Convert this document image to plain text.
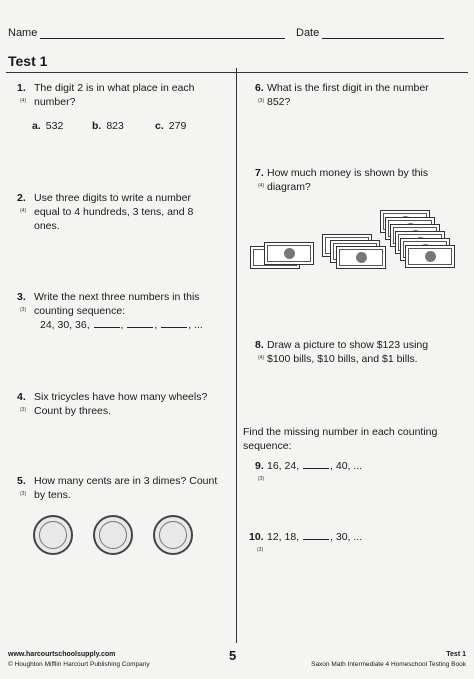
Name	Date
Test 1
1.
(4)
The digit 2 is in what place in each
number?
a. 532	b. 823	c. 279
2.
(4)
Use three digits to write a number
equal to 4 hundreds, 3 tens, and 8
ones.
3.
(3)
Write the next three numbers in this
counting sequence:
24, 30, 36,	,	,	, ...
4.
(3)
Six tricycles have how many wheels?
Count by threes.
5.
(3)
How many cents are in 3 dimes? Count
by tens.
6.
(3)
What is the first digit in the number
852?
7.
(4)
How much money is shown by this
diagram?
8.
(4)
Draw a picture to show $123 using
$100 bills, $10 bills, and $1 bills.
Find the missing number in each counting
sequence:
9.
(3)
16, 24,	, 40, ...
10.
(3)
12, 18,	, 30, ...
www.harcourtschoolsupply.com
© Houghton Mifflin Harcourt Publishing Company
5	Test 1
Saxon Math Intermediate 4 Homeschool Testing Book
